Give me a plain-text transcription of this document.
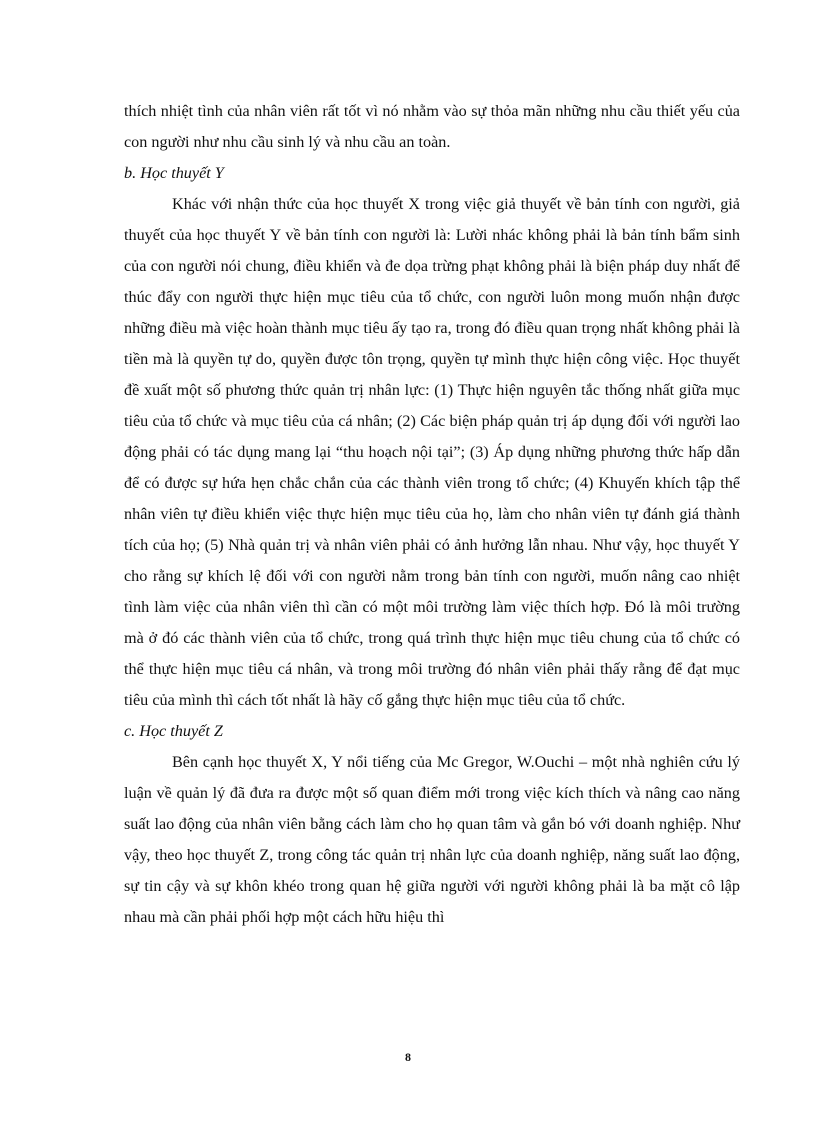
thích nhiệt tình của nhân viên rất tốt vì nó nhằm vào sự thỏa mãn những nhu cầu thiết yếu của con người như nhu cầu sinh lý và nhu cầu an toàn.

b. Học thuyết Y

Khác với nhận thức của học thuyết X trong việc giả thuyết về bản tính con người, giả thuyết của học thuyết Y về bản tính con người là: Lười nhác không phải là bản tính bẩm sinh của con người nói chung, điều khiển và đe dọa trừng phạt không phải là biện pháp duy nhất để thúc đẩy con người thực hiện mục tiêu của tổ chức, con người luôn mong muốn nhận được những điều mà việc hoàn thành mục tiêu ấy tạo ra, trong đó điều quan trọng nhất không phải là tiền mà là quyền tự do, quyền được tôn trọng, quyền tự mình thực hiện công việc. Học thuyết đề xuất một số phương thức quản trị nhân lực: (1) Thực hiện nguyên tắc thống nhất giữa mục tiêu của tổ chức và mục tiêu của cá nhân; (2) Các biện pháp quản trị áp dụng đối với người lao động phải có tác dụng mang lại “thu hoạch nội tại”; (3) Áp dụng những phương thức hấp dẫn để có được sự hứa hẹn chắc chắn của các thành viên trong tổ chức; (4) Khuyến khích tập thể nhân viên tự điều khiển việc thực hiện mục tiêu của họ, làm cho nhân viên tự đánh giá thành tích của họ; (5) Nhà quản trị và nhân viên phải có ảnh hưởng lẫn nhau. Như vậy, học thuyết Y cho rằng sự khích lệ đối với con người nằm trong bản tính con người, muốn nâng cao nhiệt tình làm việc của nhân viên thì cần có một môi trường làm việc thích hợp. Đó là môi trường mà ở đó các thành viên của tổ chức, trong quá trình thực hiện mục tiêu chung của tổ chức có thể thực hiện mục tiêu cá nhân, và trong môi trường đó nhân viên phải thấy rằng để đạt mục tiêu của mình thì cách tốt nhất là hãy cố gắng thực hiện mục tiêu của tổ chức.

c. Học thuyết Z

Bên cạnh học thuyết X, Y nổi tiếng của Mc Gregor, W.Ouchi – một nhà nghiên cứu lý luận về quản lý đã đưa ra được một số quan điểm mới trong việc kích thích và nâng cao năng suất lao động của nhân viên bằng cách làm cho họ quan tâm và gắn bó với doanh nghiệp. Như vậy, theo học thuyết Z, trong công tác quản trị nhân lực của doanh nghiệp, năng suất lao động, sự tin cậy và sự khôn khéo trong quan hệ giữa người với người không phải là ba mặt cô lập nhau mà cần phải phối hợp một cách hữu hiệu thì

8
